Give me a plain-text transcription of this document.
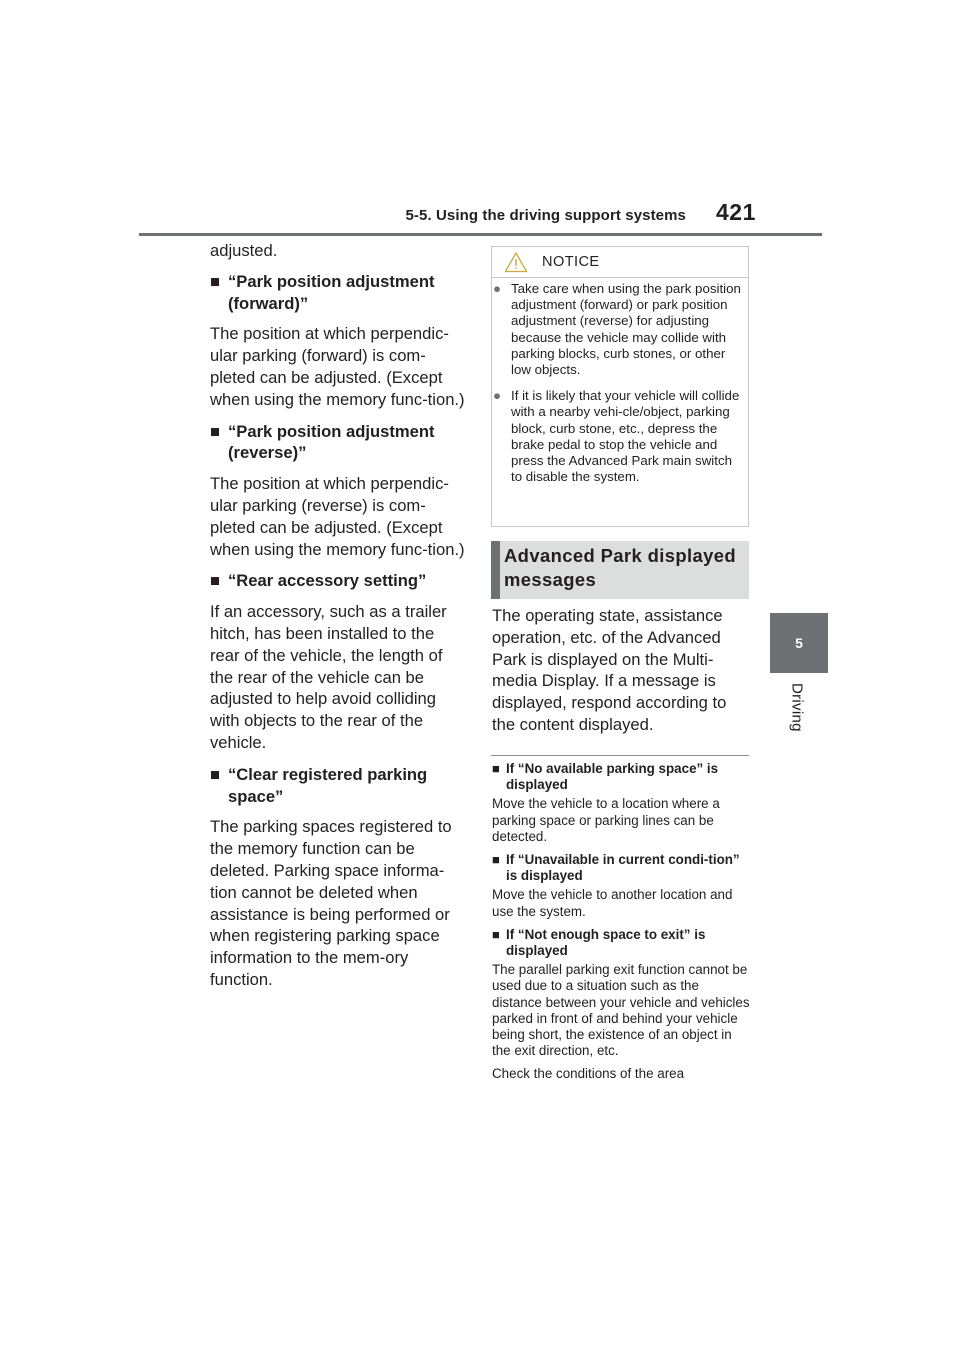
5-5. Using the driving support systems 421
5
Driving

adjusted.

■ “Park position adjustment (forward)”

The position at which perpendic-ular parking (forward) is com-pleted can be adjusted. (Except when using the memory func-tion.)

■ “Park position adjustment (reverse)”

The position at which perpendic-ular parking (reverse) is com-pleted can be adjusted. (Except when using the memory func-tion.)

■ “Rear accessory setting”

If an accessory, such as a trailer hitch, has been installed to the rear of the vehicle, the length of the rear of the vehicle can be adjusted to help avoid colliding with objects to the rear of the vehicle.

■ “Clear registered parking space”

The parking spaces registered to the memory function can be deleted. Parking space informa-tion cannot be deleted when assistance is being performed or when registering parking space information to the mem-ory function.

NOTICE
● Take care when using the park position adjustment (forward) or park position adjustment (reverse) for adjusting because the vehicle may collide with parking blocks, curb stones, or other low objects.
● If it is likely that your vehicle will collide with a nearby vehi-cle/object, parking block, curb stone, etc., depress the brake pedal to stop the vehicle and press the Advanced Park main switch to disable the system.
Advanced Park displayed messages
The operating state, assistance operation, etc. of the Advanced Park is displayed on the Multi-media Display. If a message is displayed, respond according to the content displayed.
■ If “No available parking space” is displayed

Move the vehicle to a location where a parking space or parking lines can be detected.

■ If “Unavailable in current condi-tion” is displayed

Move the vehicle to another location and use the system.

■ If “Not enough space to exit” is displayed

The parallel parking exit function cannot be used due to a situation such as the distance between your vehicle and vehicles parked in front of and behind your vehicle being short, the existence of an object in the exit direction, etc.

Check the conditions of the area
